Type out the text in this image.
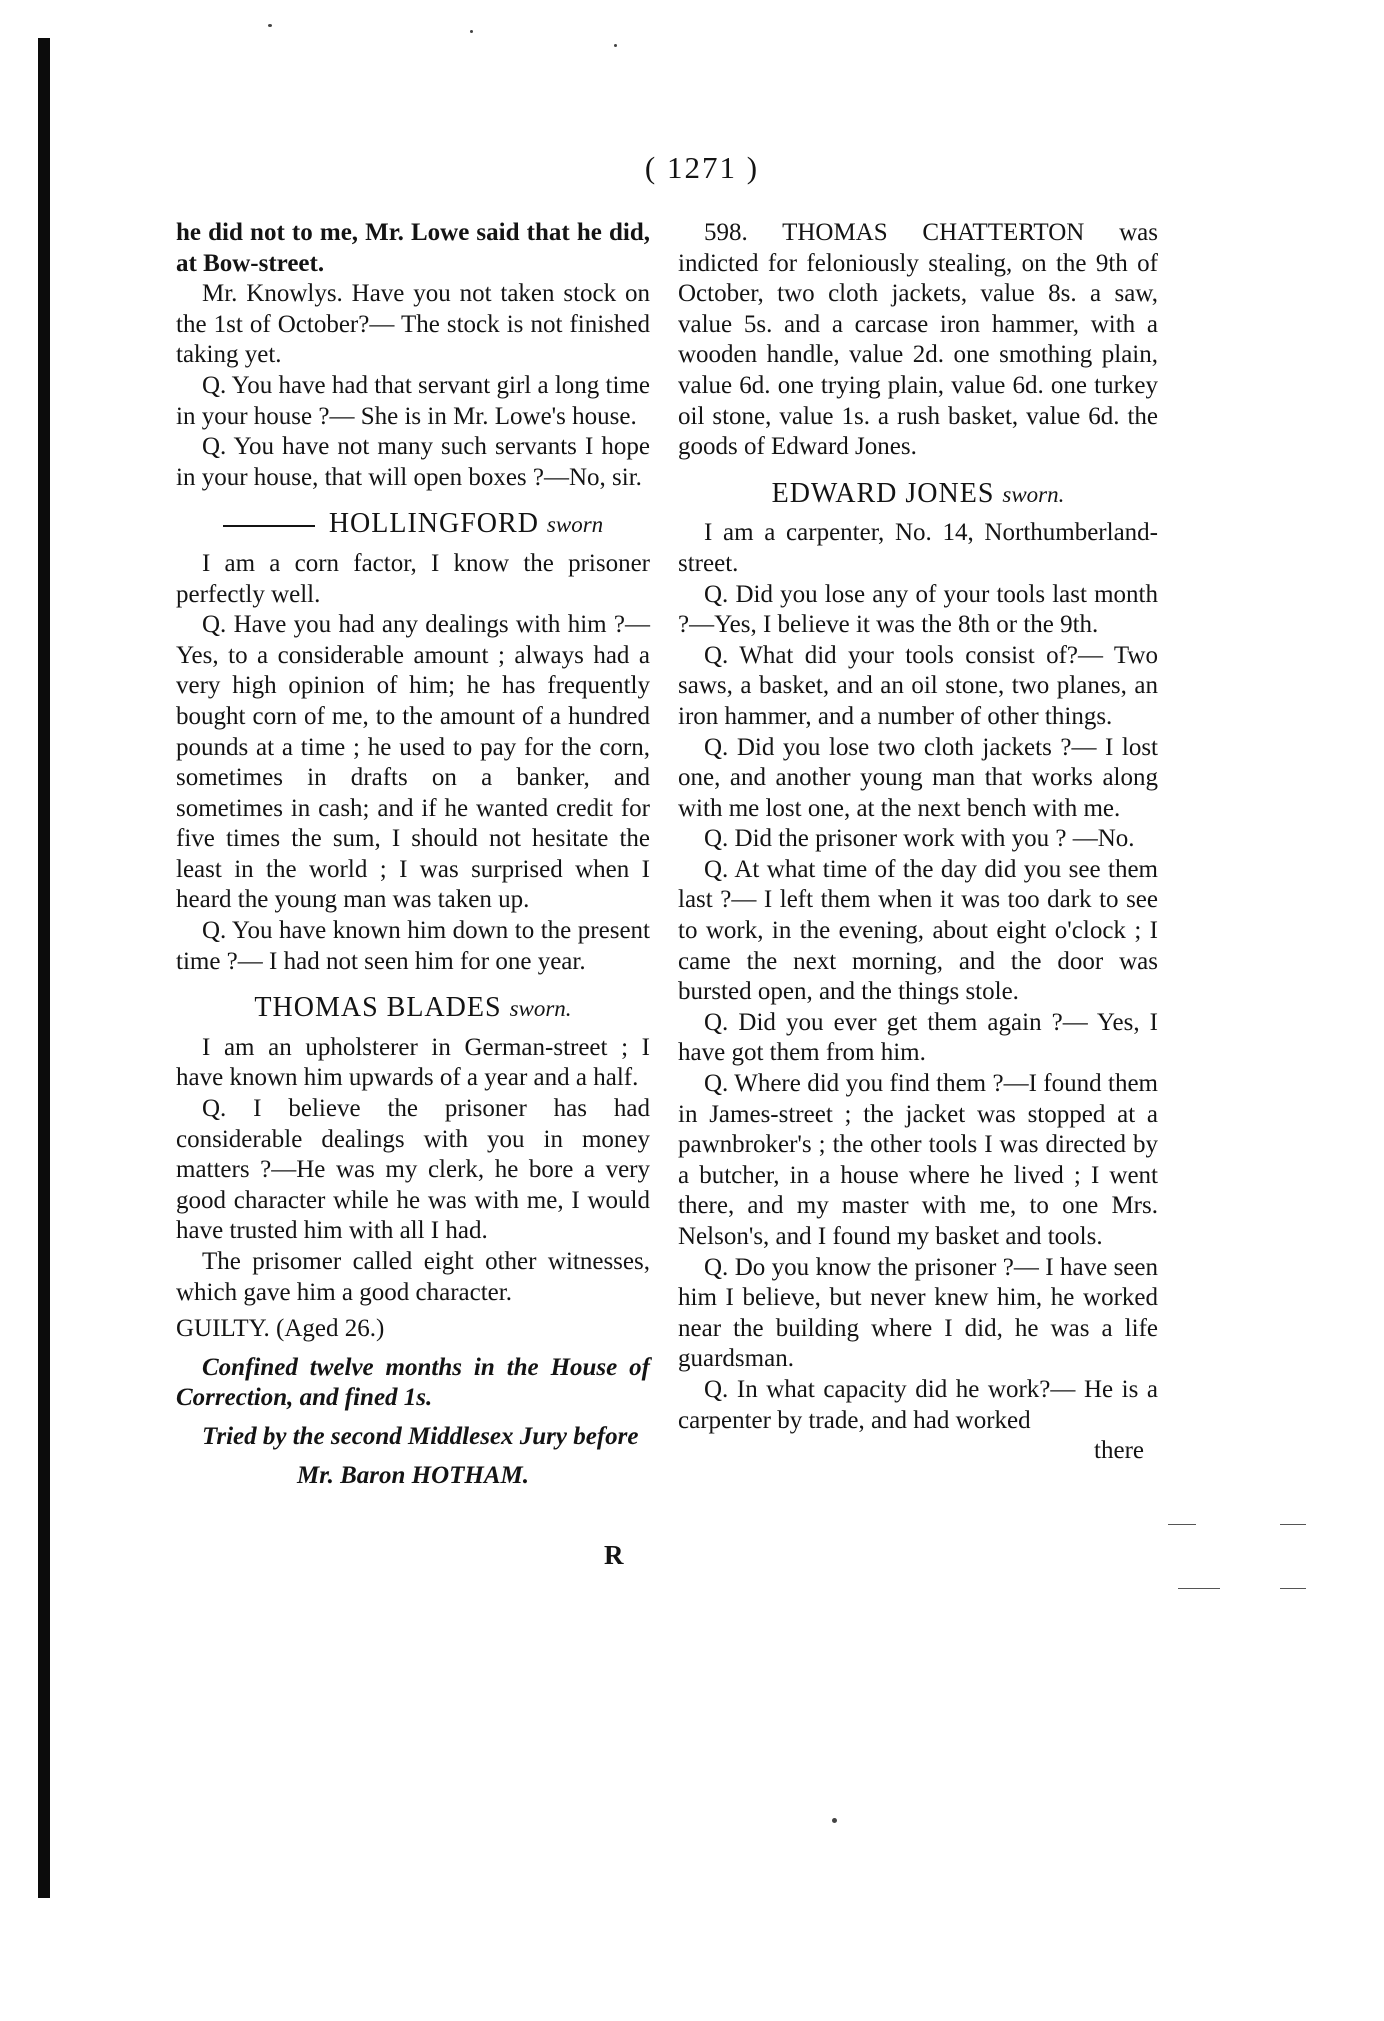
( 1271 )

he did not to me, Mr. Lowe said that he did, at Bow-street.

Mr. Knowlys. Have you not taken stock on the 1st of October?— The stock is not finished taking yet.

Q. You have had that servant girl a long time in your house ?— She is in Mr. Lowe's house.

Q. You have not many such servants I hope in your house, that will open boxes ?—No, sir.

HOLLINGFORD sworn

I am a corn factor, I know the prisoner perfectly well.

Q. Have you had any dealings with him ?—Yes, to a considerable amount ; always had a very high opinion of him; he has frequently bought corn of me, to the amount of a hundred pounds at a time ; he used to pay for the corn, sometimes in drafts on a banker, and sometimes in cash; and if he wanted credit for five times the sum, I should not hesitate the least in the world ; I was surprised when I heard the young man was taken up.

Q. You have known him down to the present time ?— I had not seen him for one year.

THOMAS BLADES sworn.

I am an upholsterer in German-street ; I have known him upwards of a year and a half.

Q. I believe the prisoner has had considerable dealings with you in money matters ?—He was my clerk, he bore a very good character while he was with me, I would have trusted him with all I had.

The prisomer called eight other witnesses, which gave him a good character.

GUILTY. (Aged 26.)

Confined twelve months in the House of Correction, and fined 1s.

Tried by the second Middlesex Jury before

Mr. Baron HOTHAM.

598. THOMAS CHATTERTON was indicted for feloniously stealing, on the 9th of October, two cloth jackets, value 8s. a saw, value 5s. and a carcase iron hammer, with a wooden handle, value 2d. one smothing plain, value 6d. one trying plain, value 6d. one turkey oil stone, value 1s. a rush basket, value 6d. the goods of Edward Jones.

EDWARD JONES sworn.

I am a carpenter, No. 14, Northumberland-street.

Q. Did you lose any of your tools last month ?—Yes, I believe it was the 8th or the 9th.

Q. What did your tools consist of?— Two saws, a basket, and an oil stone, two planes, an iron hammer, and a number of other things.

Q. Did you lose two cloth jackets ?— I lost one, and another young man that works along with me lost one, at the next bench with me.

Q. Did the prisoner work with you ? —No.

Q. At what time of the day did you see them last ?— I left them when it was too dark to see to work, in the evening, about eight o'clock ; I came the next morning, and the door was bursted open, and the things stole.

Q. Did you ever get them again ?— Yes, I have got them from him.

Q. Where did you find them ?—I found them in James-street ; the jacket was stopped at a pawnbroker's ; the other tools I was directed by a butcher, in a house where he lived ; I went there, and my master with me, to one Mrs. Nelson's, and I found my basket and tools.

Q. Do you know the prisoner ?— I have seen him I believe, but never knew him, he worked near the building where I did, he was a life guardsman.

Q. In what capacity did he work?— He is a carpenter by trade, and had worked

there

R
